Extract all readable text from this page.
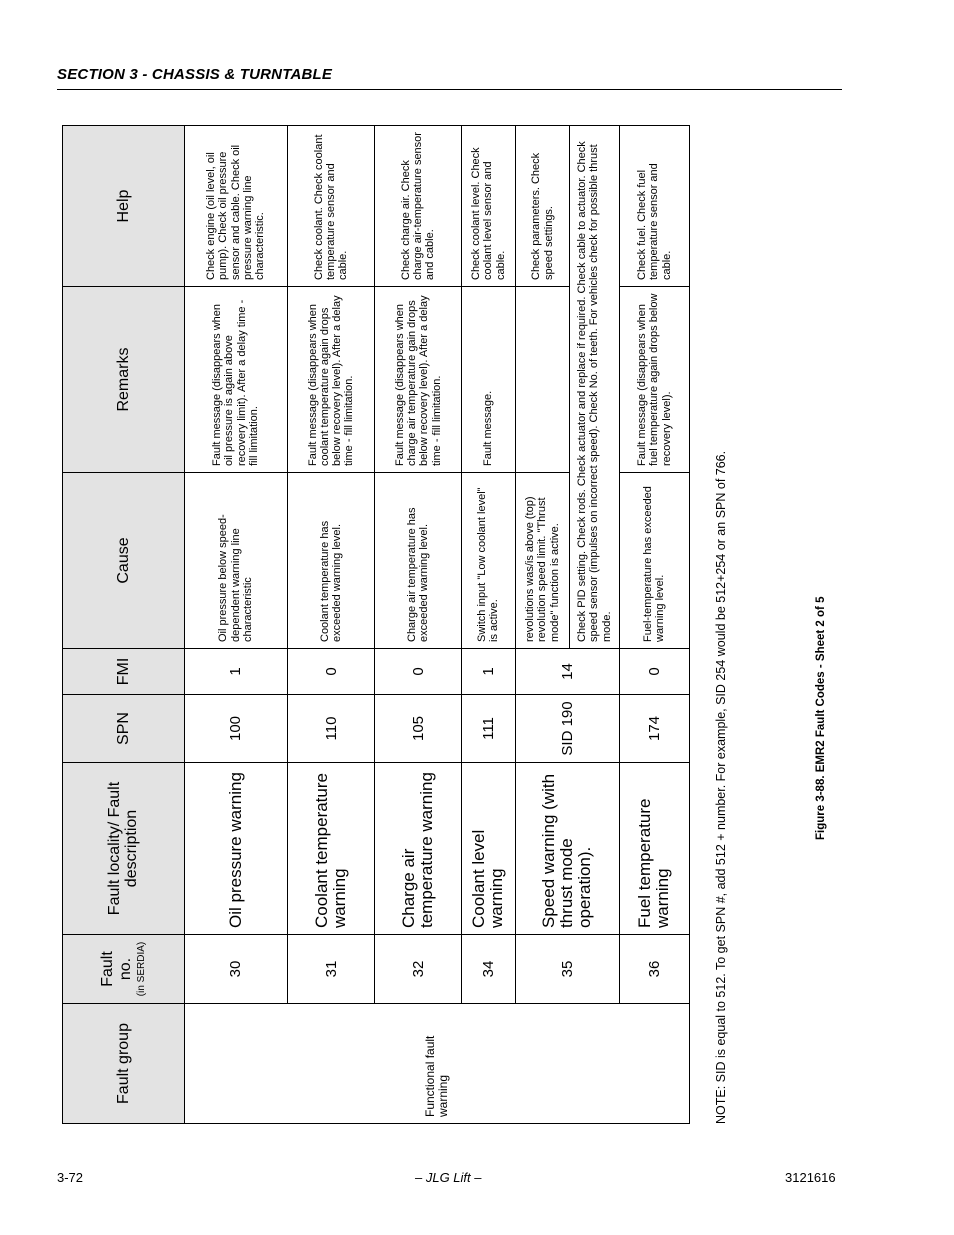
SECTION 3 - CHASSIS & TURNTABLE
Fault group	Fault no. (in SERDIA)	Fault locality/ Fault description	SPN	FMI	Cause	Remarks	Help
Functional fault warning	30	Oil pressure warning	100	1	Oil pressure below speed-dependent warning line characteristic	Fault message (disappears when oil pressure is again above recovery limit). After a delay time - fill limitation.	Check engine (oil level, oil pump). Check oil pressure sensor and cable. Check oil pressure warning line characteristic.
	31	Coolant temperature warning	110	0	Coolant temperature has exceeded warning level.	Fault message (disappears when coolant temperature again drops below recovery level). After a delay time - fill limitation.	Check coolant. Check coolant temperature sensor and cable.
	32	Charge air temperature warning	105	0	Charge air temperature has exceeded warning level.	Fault message (disappears when charge air temperature gain drops below recovery level). After a delay time - fill limitation.	Check charge air. Check charge air-temperature sensor and cable.
	34	Coolant level warning	111	1	Switch input "Low coolant level" is active.	Fault message.	Check coolant level. Check coolant level sensor and cable.
	35	Speed warning (with thrust mode operation).	SID 190	14	revolutions was/is above (top) revolution speed limit. "Thrust mode" function is active.		Check parameters. Check speed settings.
					Check PID setting. Check rods. Check actuator and replace if required. Check cable to actuator. Check speed sensor (impulses on incorrect speed). Check No. of teeth. For vehicles check for possible thrust mode.		
	36	Fuel temperature warning	174	0	Fuel-temperature has exceeded warning level.	Fault message (disappears when fuel temperature again drops below recovery level).	Check fuel. Check fuel temperature sensor and cable.
NOTE: SID is equal to 512. To get SPN #, add 512 + number. For example, SID 254 would be 512+254 or an SPN of 766.	Figure 3-88. EMR2 Fault Codes - Sheet 2 of 5
3-72	– JLG Lift –	3121616
